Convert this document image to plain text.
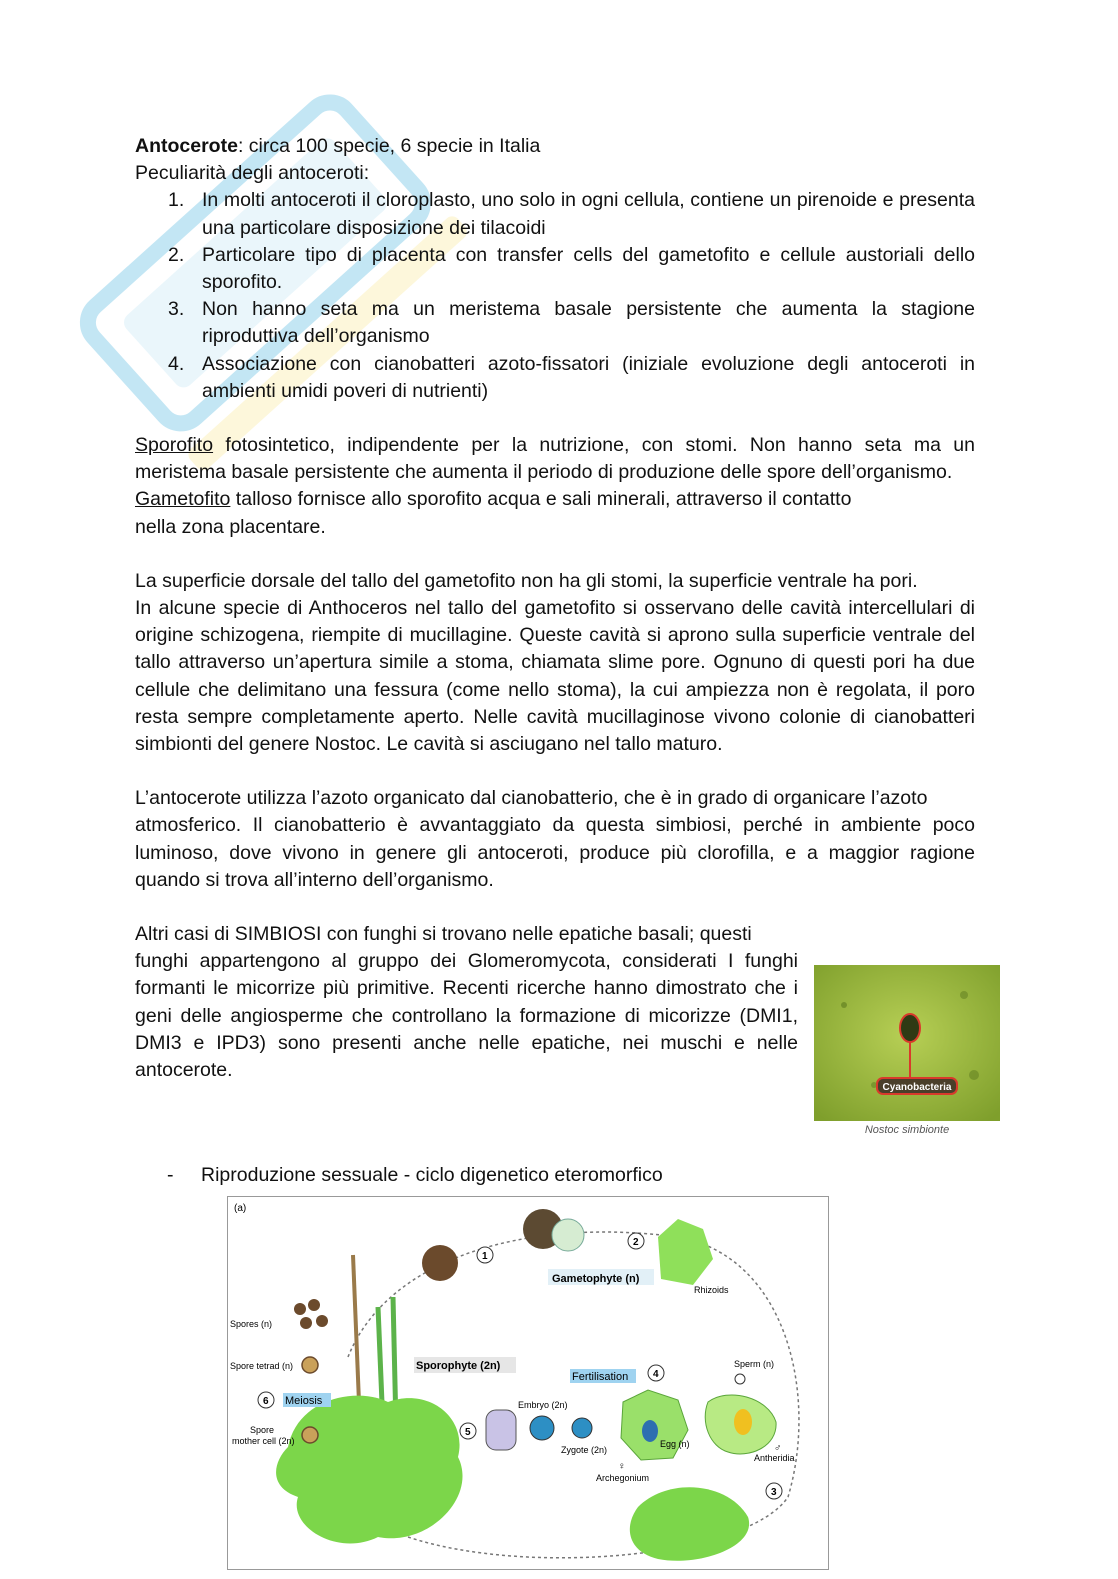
Antocerote: circa 100 specie, 6 specie in Italia

Peculiarità degli antoceroti:

1. In molti antoceroti il cloroplasto, uno solo in ogni cellula, contiene un pirenoide e presenta una particolare disposizione dei tilacoidi
2. Particolare tipo di placenta con transfer cells del gametofito e cellule austoriali dello sporofito.
3. Non hanno seta ma un meristema basale persistente che aumenta la stagione riproduttiva dell’organismo
4. Associazione con cianobatteri azoto-fissatori (iniziale evoluzione degli antoceroti in ambienti umidi poveri di nutrienti)

Sporofito fotosintetico, indipendente per la nutrizione, con stomi. Non hanno seta ma un meristema basale persistente che aumenta il periodo di produzione delle spore dell’organismo.

Gametofito talloso fornisce allo sporofito acqua e sali minerali, attraverso il contatto
nella zona placentare.

La superficie dorsale del tallo del gametofito non ha gli stomi, la superficie ventrale ha pori.

In alcune specie di Anthoceros nel tallo del gametofito si osservano delle cavità intercellulari di origine schizogena, riempite di mucillagine. Queste cavità si aprono sulla superficie ventrale del tallo attraverso un’apertura simile a stoma, chiamata slime pore. Ognuno di questi pori ha due cellule che delimitano una fessura (come nello stoma), la cui ampiezza non è regolata, il poro resta sempre completamente aperto. Nelle cavità mucillaginose vivono colonie di cianobatteri simbionti del genere Nostoc. Le cavità si asciugano nel tallo maturo.

L’antocerote utilizza l’azoto organicato dal cianobatterio, che è in grado di organicare l’azoto

atmosferico. Il cianobatterio è avvantaggiato da questa simbiosi, perché in ambiente poco luminoso, dove vivono in genere gli antoceroti, produce più clorofilla, e a maggior ragione quando si trova all’interno dell’organismo.

Altri casi di SIMBIOSI con funghi si trovano nelle epatiche basali; questi

funghi appartengono al gruppo dei Glomeromycota, considerati I funghi formanti le micorrize più primitive. Recenti ricerche hanno dimostrato che i geni delle angiosperme che controllano la formazione di micorizze (DMI1, DMI3 e IPD3) sono presenti anche nelle epatiche, nei muschi e nelle antocerote.

- Riproduzione sessuale - ciclo digenetico eteromorfico
Cyanobacteria
Nostoc simbionte
(a)
Gametophyte (n)
Rhizoids
Sporophyte (2n)
Spores (n)
Spore tetrad (n)
6 Meiosis
Spore
mother cell (2n)
1
2
3
4
5
Fertilisation
Sperm (n)
Embryo (2n)
Zygote (2n)
Egg (n)
♀
Archegonium
♂
Antheridia
